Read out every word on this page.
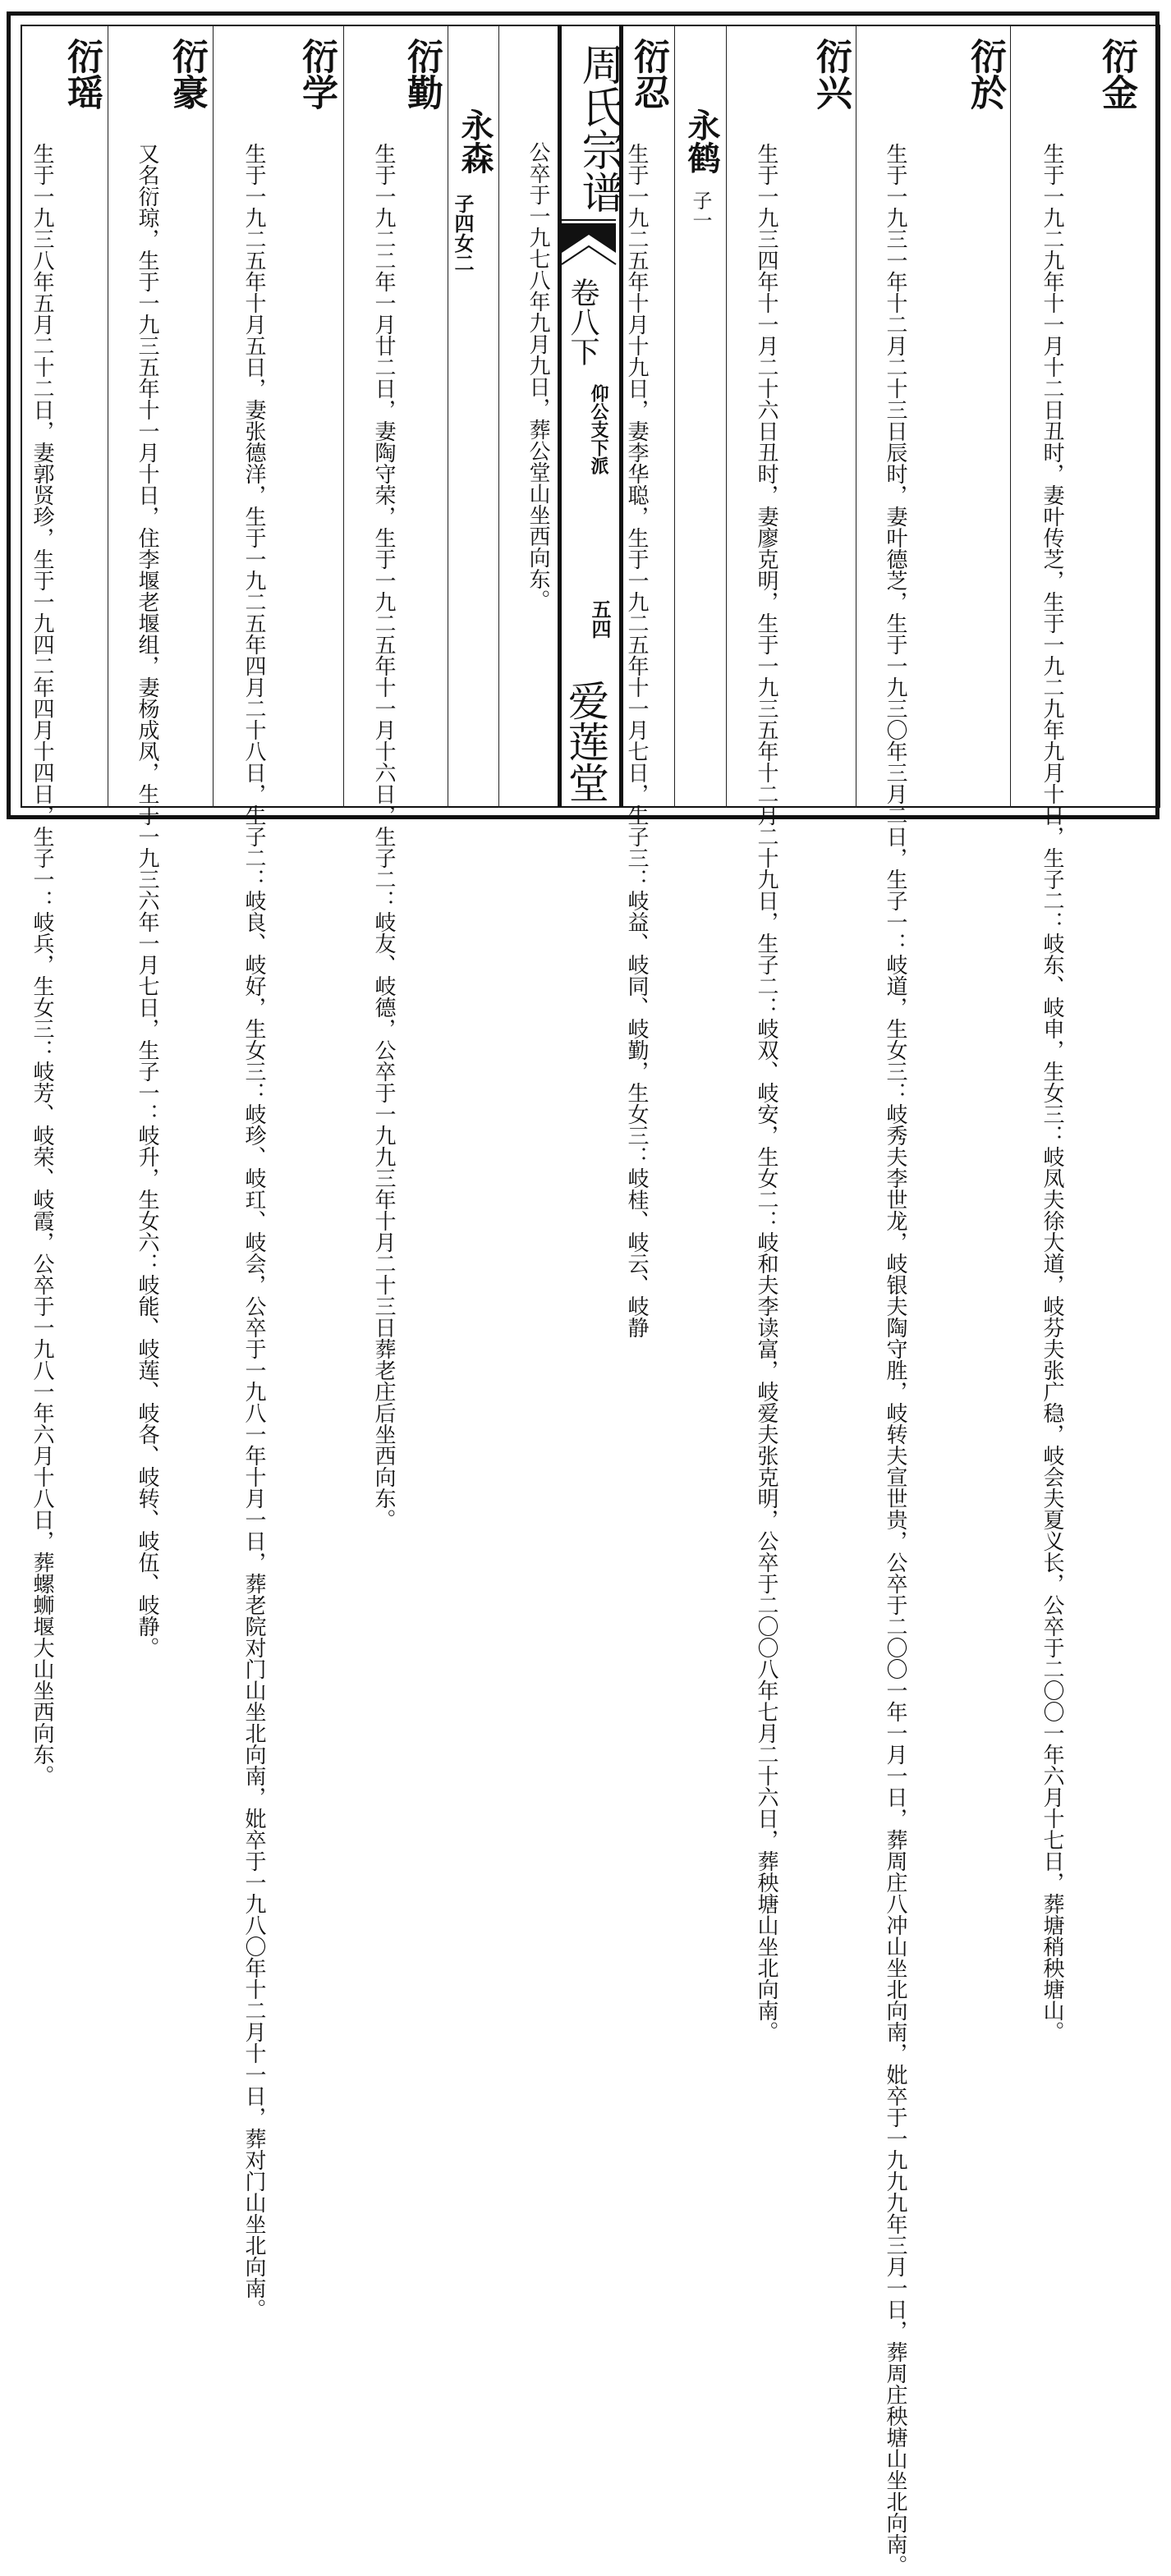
周氏宗谱
卷八下
仰公支下派
五四
爱莲堂
衍金
生于一九二九年十一月十二日丑时，妻叶传芝，生于一九二九年九月十日，生子二：岐东、岐申，生女三：岐凤夫徐大道，岐芬夫张广稳，岐会夫夏义长，公卒于二〇〇一年六月十七日，葬塘稍秧塘山。
衍於
生于一九三一年十二月二十三日辰时，妻叶德芝，生于一九三〇年三月二日，生子一：岐道，生女三：岐秀夫李世龙，岐银夫陶守胜，岐转夫宣世贵，公卒于二〇〇一年一月一日，葬周庄八冲山坐北向南，妣卒于一九九九年三月一日，葬周庄秧塘山坐北向南。
衍兴
生于一九三四年十一月二十六日丑时，妻廖克明，生于一九三五年十二月二十九日，生子二：岐双、岐安，生女二：岐和夫李读富，岐爱夫张克明，公卒于二〇〇八年七月二十六日，葬秧塘山坐北向南。
永鹤
子一
衍忍
生于一九二五年十月十九日，妻李华聪，生于一九二五年十一月七日，生子三：岐益、岐同、岐勤，生女三：岐桂、岐云、岐静
公卒于一九七八年九月九日，葬公堂山坐西向东。
永森
子四女二
衍勤
生于一九二二年一月廿二日，妻陶守荣，生于一九二五年十一月十六日，生子二：岐友、岐德，公卒于一九九三年十月二十三日葬老庄后坐西向东。
衍学
生于一九二五年十月五日，妻张德洋，生于一九二五年四月二十八日，生子二：岐良、岐好，生女三：岐珍、岐玒、岐会，公卒于一九八一年十月一日，葬老院对门山坐北向南，妣卒于一九八〇年十二月十一日，葬对门山坐北向南。
衍豪
又名衍琼，生于一九三五年十一月十日，住李堰老堰组，妻杨成凤，生于一九三六年一月七日，生子一：岐升，生女六：岐能、岐莲、岐各、岐转、岐伍、岐静。
衍瑶
生于一九三八年五月二十二日，妻郭贤珍，生于一九四二年四月十四日，生子一：岐兵，生女三：岐芳、岐荣、岐霞，公卒于一九八一年六月十八日，葬螺蛳堰大山坐西向东。
